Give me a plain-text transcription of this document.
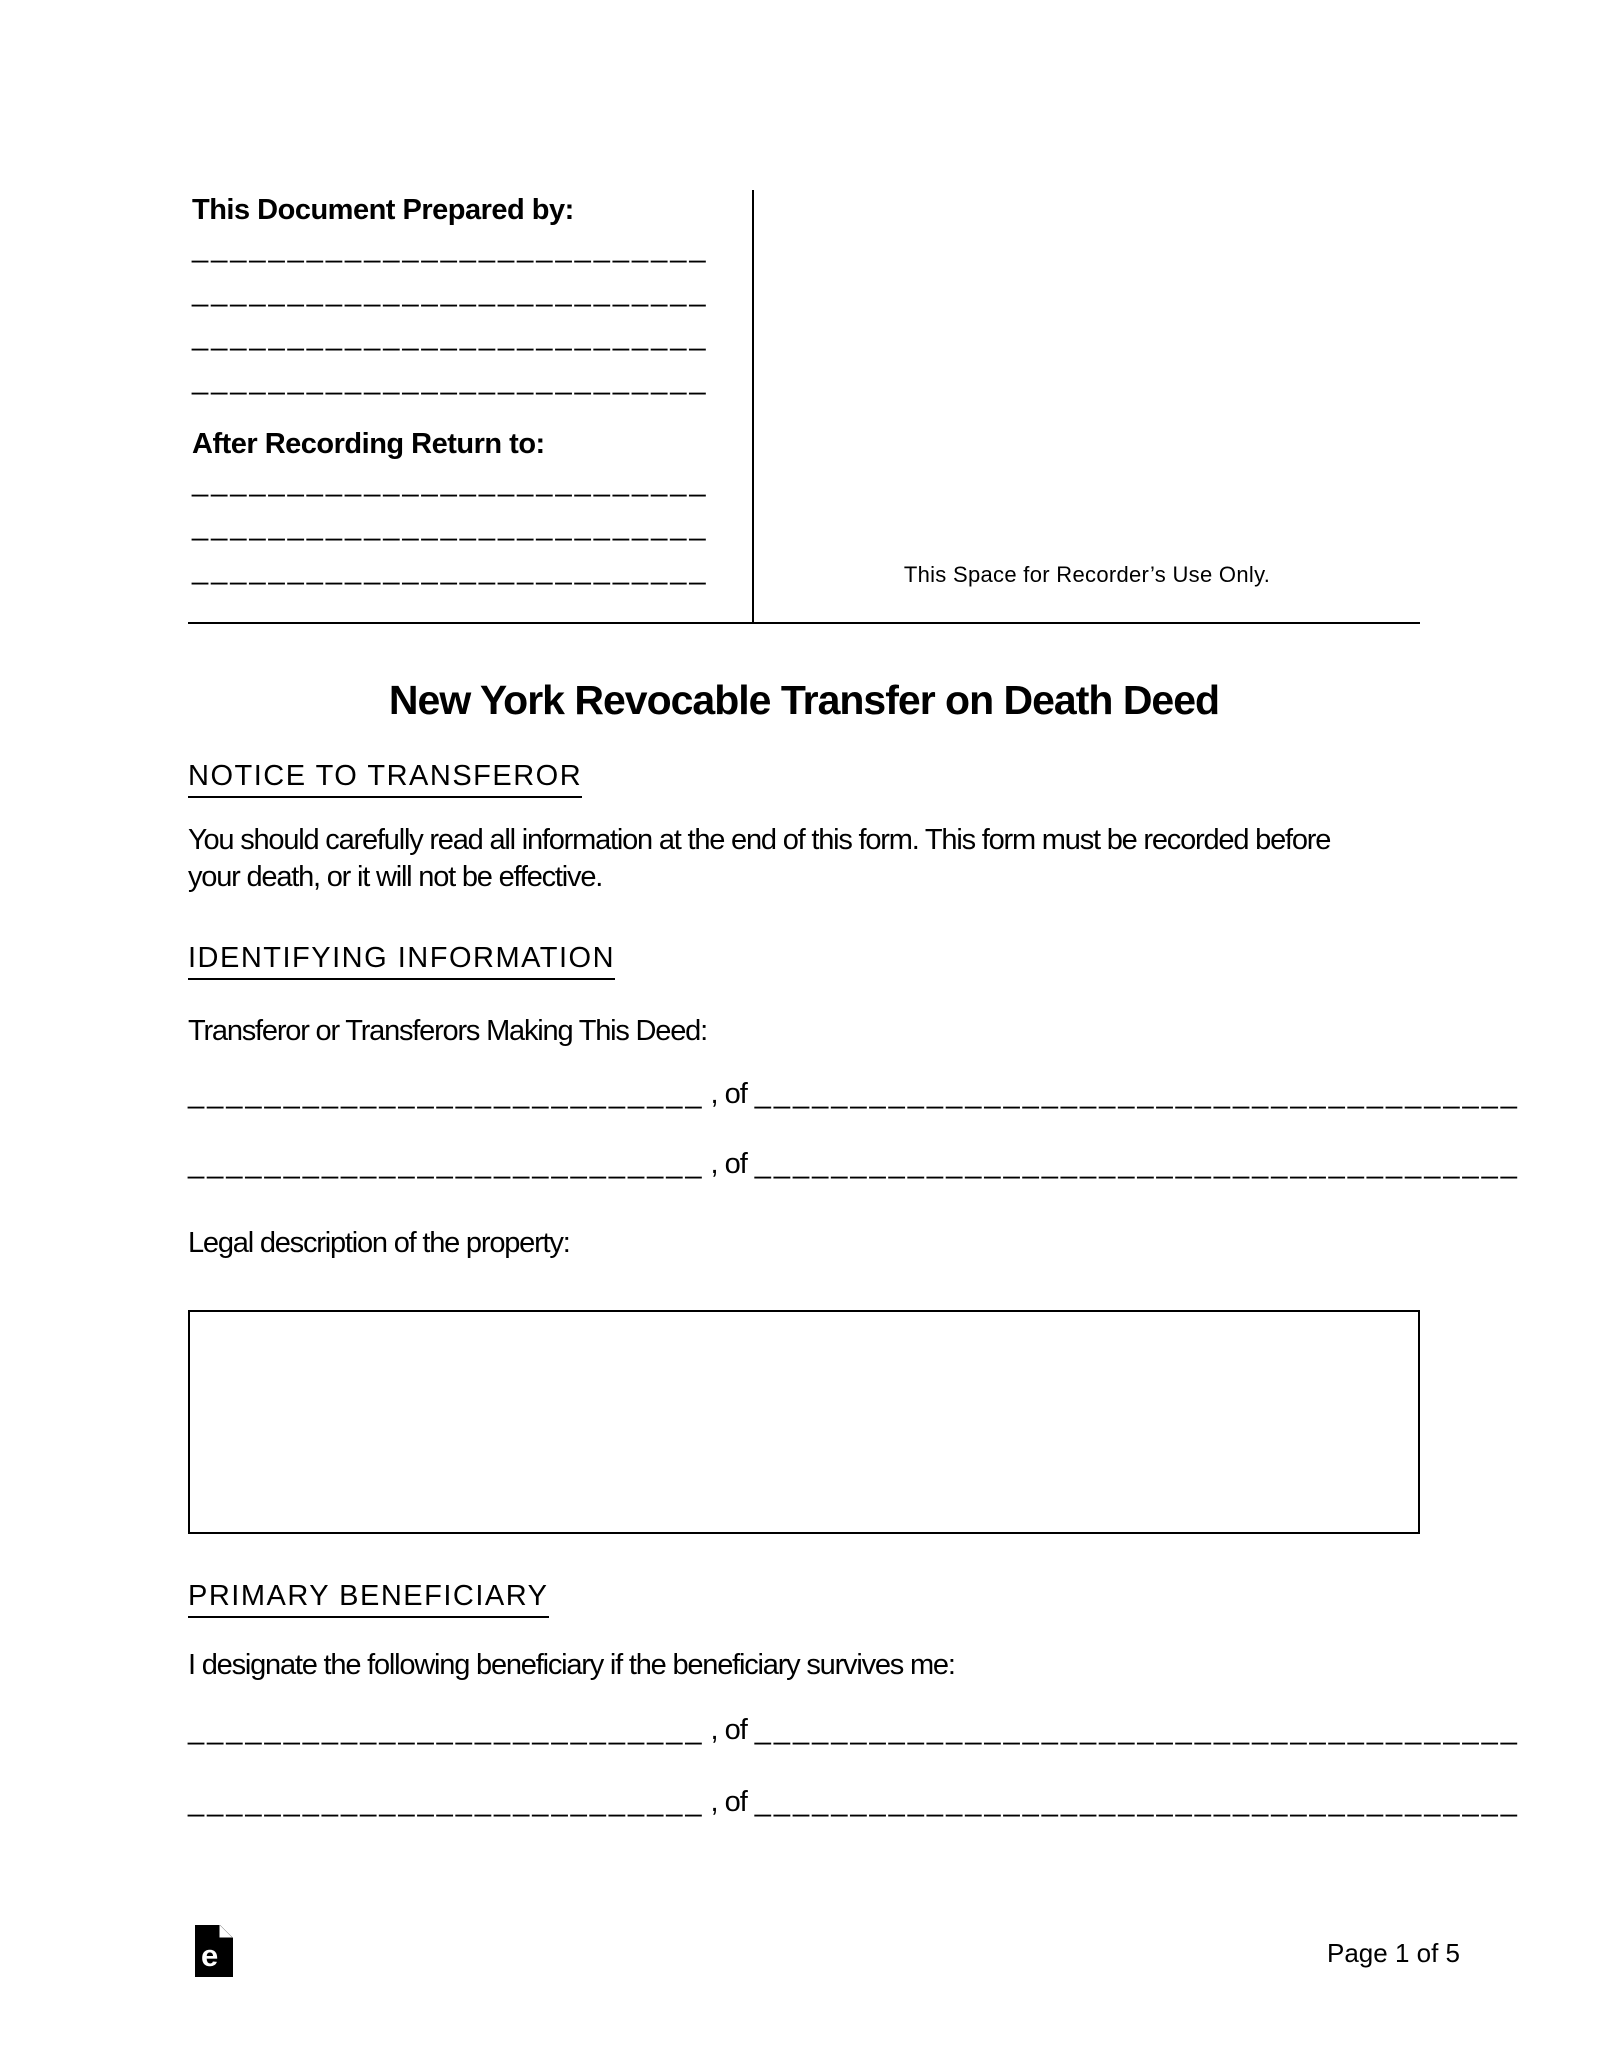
This Document Prepared by:
___________________________
___________________________
___________________________
___________________________
After Recording Return to:
___________________________
___________________________
___________________________	This Space for Recorder’s Use Only.
New York Revocable Transfer on Death Deed
NOTICE TO TRANSFEROR
You should carefully read all information at the end of this form. This form must be recorded before your death, or it will not be effective.
IDENTIFYING INFORMATION
Transferor or Transferors Making This Deed:
___________________________ , of ________________________________________
___________________________ , of ________________________________________
Legal description of the property:
PRIMARY BENEFICIARY
I designate the following beneficiary if the beneficiary survives me:
___________________________ , of ________________________________________
___________________________ , of ________________________________________
e	Page 1 of 5
